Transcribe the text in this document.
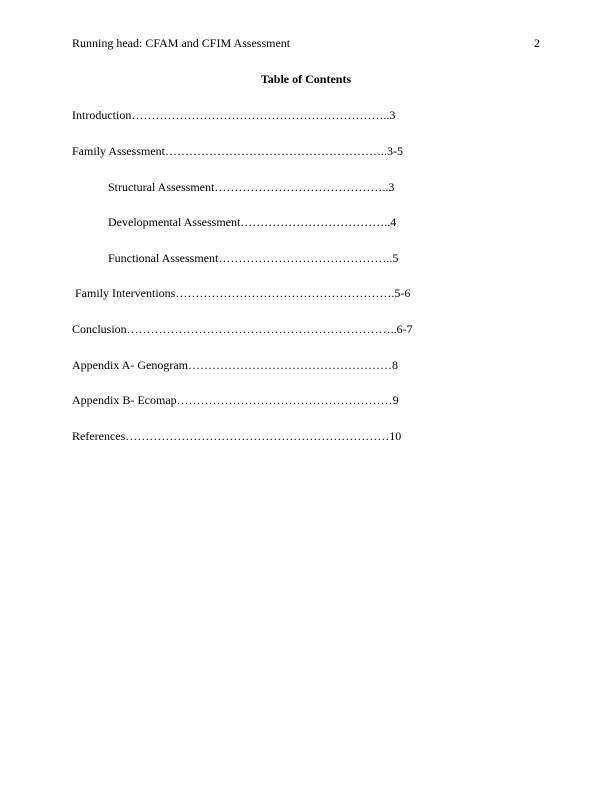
Running head: CFAM and CFIM Assessment	2
Table of Contents
Introduction………………………………………………………..3
Family Assessment………………………………………………..3-5
Structural Assessment……………………………………..3
Developmental Assessment………………………………..4
Functional Assessment……………………………………..5
Family Interventions……………………………………………….5-6
Conclusion…………………………………………………………..6-7
Appendix A- Genogram……………………………………………8
Appendix B- Ecomap………………………………………………9
References…………………………………………………………10
